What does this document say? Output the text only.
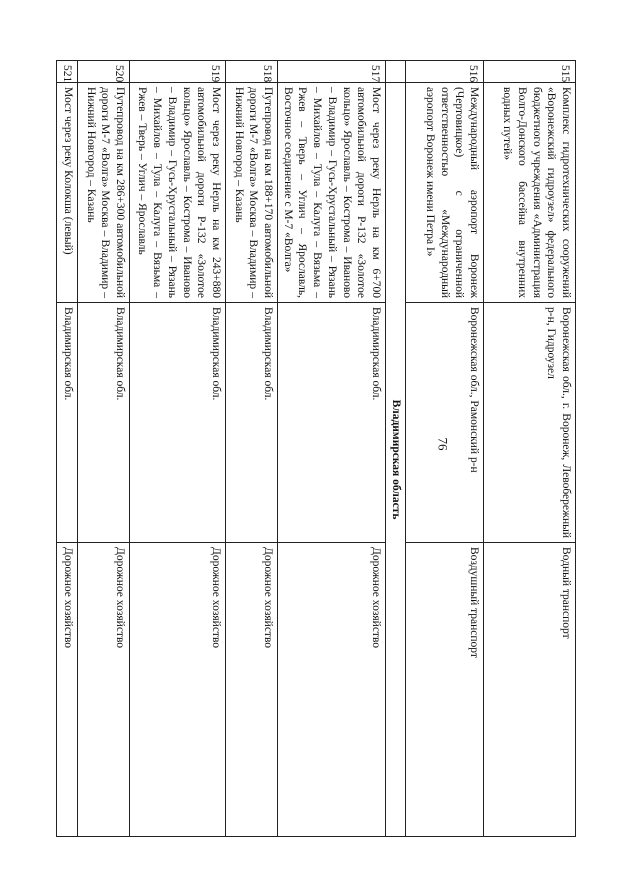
76
515	Комплекс гидротехнических сооружений «Воронежский гидроузел» федерального бюджетного учреждения «Администрация Волго-Донского бассейна внутренних водных путей»	Воронежская обл., г. Воронеж, Левобережный р-н, Гидроузел	Водный транспорт
516	Международный аэропорт Воронеж (Чертовицкое) с ограниченной ответственностью «Международный аэропорт Воронеж имени Петра I»	Воронежская обл., Рамонский р-н	Воздушный транспорт
	Владимирская область		
517	Мост через реку Нерль на км 6+700 автомобильной дороги Р-132 «Золотое кольцо» Ярославль – Кострома – Иваново – Владимир – Гусь-Хрустальный – Рязань – Михайлов – Тула – Калуга – Вязьма – Ржев – Тверь – Углич – Ярославль, Восточное соединение с М-7 «Волга»	Владимирская обл.	Дорожное хозяйство
518	Путепровод на км 188+170 автомобильной дороги М-7 «Волга» Москва – Владимир – Нижний Новгород – Казань	Владимирская обл.	Дорожное хозяйство
519	Мост через реку Нерль на км 243+880 автомобильной дороги Р-132 «Золотое кольцо» Ярославль – Кострома – Иваново – Владимир – Гусь-Хрустальный – Рязань – Михайлов – Тула – Калуга – Вязьма – Ржев – Тверь – Углич – Ярославль	Владимирская обл.	Дорожное хозяйство
520	Путепровод на км 286+300 автомобильной дороги М-7 «Волга» Москва – Владимир – Нижний Новгород – Казань	Владимирская обл.	Дорожное хозяйство
521	Мост через реку Колокша (левый)	Владимирская обл.	Дорожное хозяйство
